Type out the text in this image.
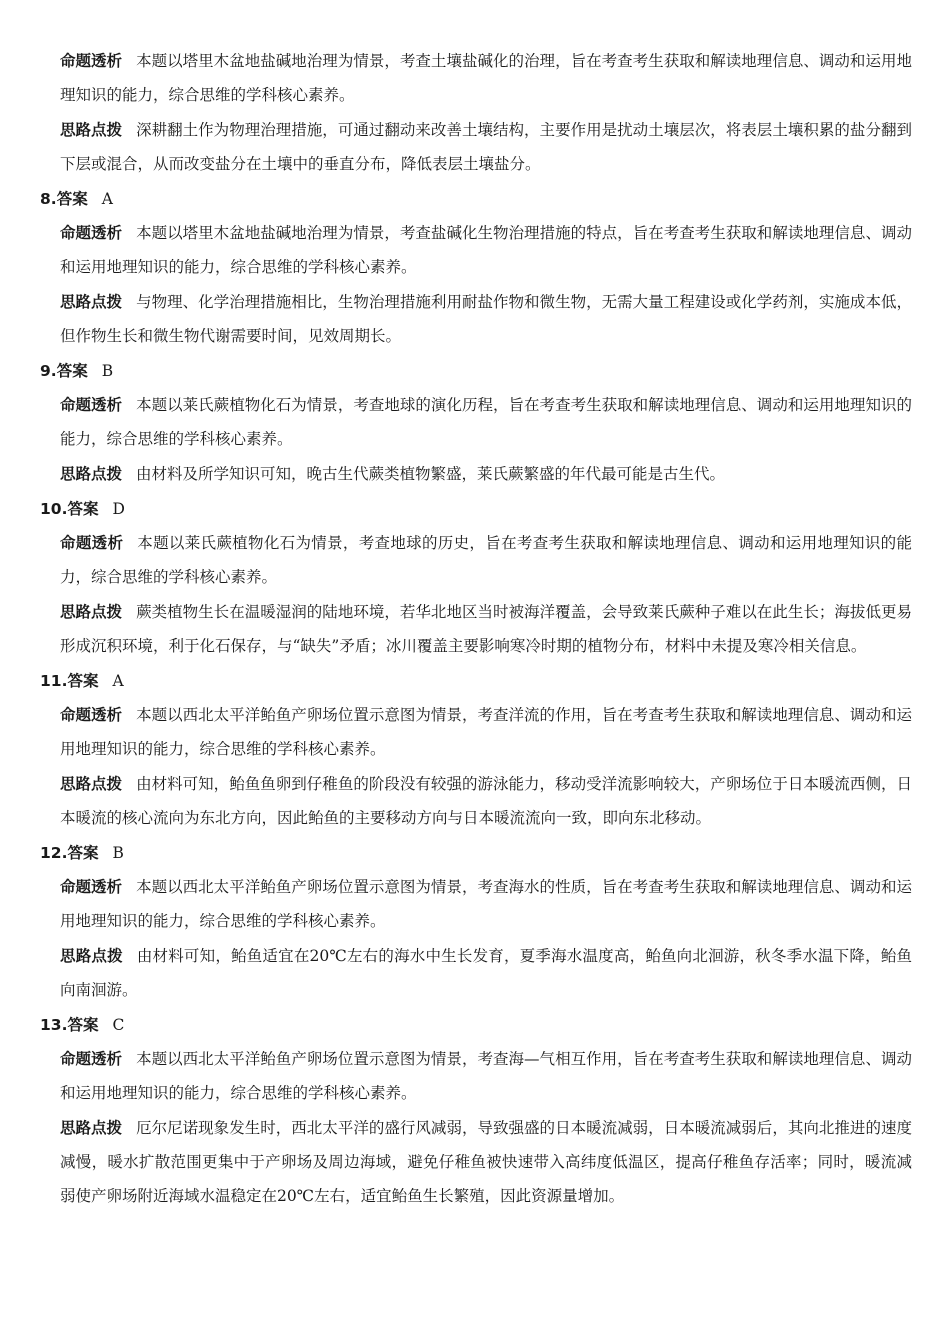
命题透析 本题以塔里木盆地盐碱地治理为情景，考查土壤盐碱化的治理，旨在考查考生获取和解读地理信息、调动和运用地理知识的能力，综合思维的学科核心素养。

思路点拨 深耕翻土作为物理治理措施，可通过翻动来改善土壤结构，主要作用是扰动土壤层次，将表层土壤积累的盐分翻到下层或混合，从而改变盐分在土壤中的垂直分布，降低表层土壤盐分。

8.答案 A

命题透析 本题以塔里木盆地盐碱地治理为情景，考查盐碱化生物治理措施的特点，旨在考查考生获取和解读地理信息、调动和运用地理知识的能力，综合思维的学科核心素养。

思路点拨 与物理、化学治理措施相比，生物治理措施利用耐盐作物和微生物，无需大量工程建设或化学药剂，实施成本低，但作物生长和微生物代谢需要时间，见效周期长。

9.答案 B

命题透析 本题以莱氏蕨植物化石为情景，考查地球的演化历程，旨在考查考生获取和解读地理信息、调动和运用地理知识的能力，综合思维的学科核心素养。

思路点拨 由材料及所学知识可知，晚古生代蕨类植物繁盛，莱氏蕨繁盛的年代最可能是古生代。

10.答案 D

命题透析 本题以莱氏蕨植物化石为情景，考查地球的历史，旨在考查考生获取和解读地理信息、调动和运用地理知识的能力，综合思维的学科核心素养。

思路点拨 蕨类植物生长在温暖湿润的陆地环境，若华北地区当时被海洋覆盖，会导致莱氏蕨种子难以在此生长；海拔低更易形成沉积环境，利于化石保存，与“缺失”矛盾；冰川覆盖主要影响寒冷时期的植物分布，材料中未提及寒冷相关信息。

11.答案 A

命题透析 本题以西北太平洋鲐鱼产卵场位置示意图为情景，考查洋流的作用，旨在考查考生获取和解读地理信息、调动和运用地理知识的能力，综合思维的学科核心素养。

思路点拨 由材料可知，鲐鱼鱼卵到仔稚鱼的阶段没有较强的游泳能力，移动受洋流影响较大，产卵场位于日本暖流西侧，日本暖流的核心流向为东北方向，因此鲐鱼的主要移动方向与日本暖流流向一致，即向东北移动。

12.答案 B

命题透析 本题以西北太平洋鲐鱼产卵场位置示意图为情景，考查海水的性质，旨在考查考生获取和解读地理信息、调动和运用地理知识的能力，综合思维的学科核心素养。

思路点拨 由材料可知，鲐鱼适宜在20℃左右的海水中生长发育，夏季海水温度高，鲐鱼向北洄游，秋冬季水温下降，鲐鱼向南洄游。

13.答案 C

命题透析 本题以西北太平洋鲐鱼产卵场位置示意图为情景，考查海—气相互作用，旨在考查考生获取和解读地理信息、调动和运用地理知识的能力，综合思维的学科核心素养。

思路点拨 厄尔尼诺现象发生时，西北太平洋的盛行风减弱，导致强盛的日本暖流减弱，日本暖流减弱后，其向北推进的速度减慢，暖水扩散范围更集中于产卵场及周边海域，避免仔稚鱼被快速带入高纬度低温区，提高仔稚鱼存活率；同时，暖流减弱使产卵场附近海域水温稳定在20℃左右，适宜鲐鱼生长繁殖，因此资源量增加。
